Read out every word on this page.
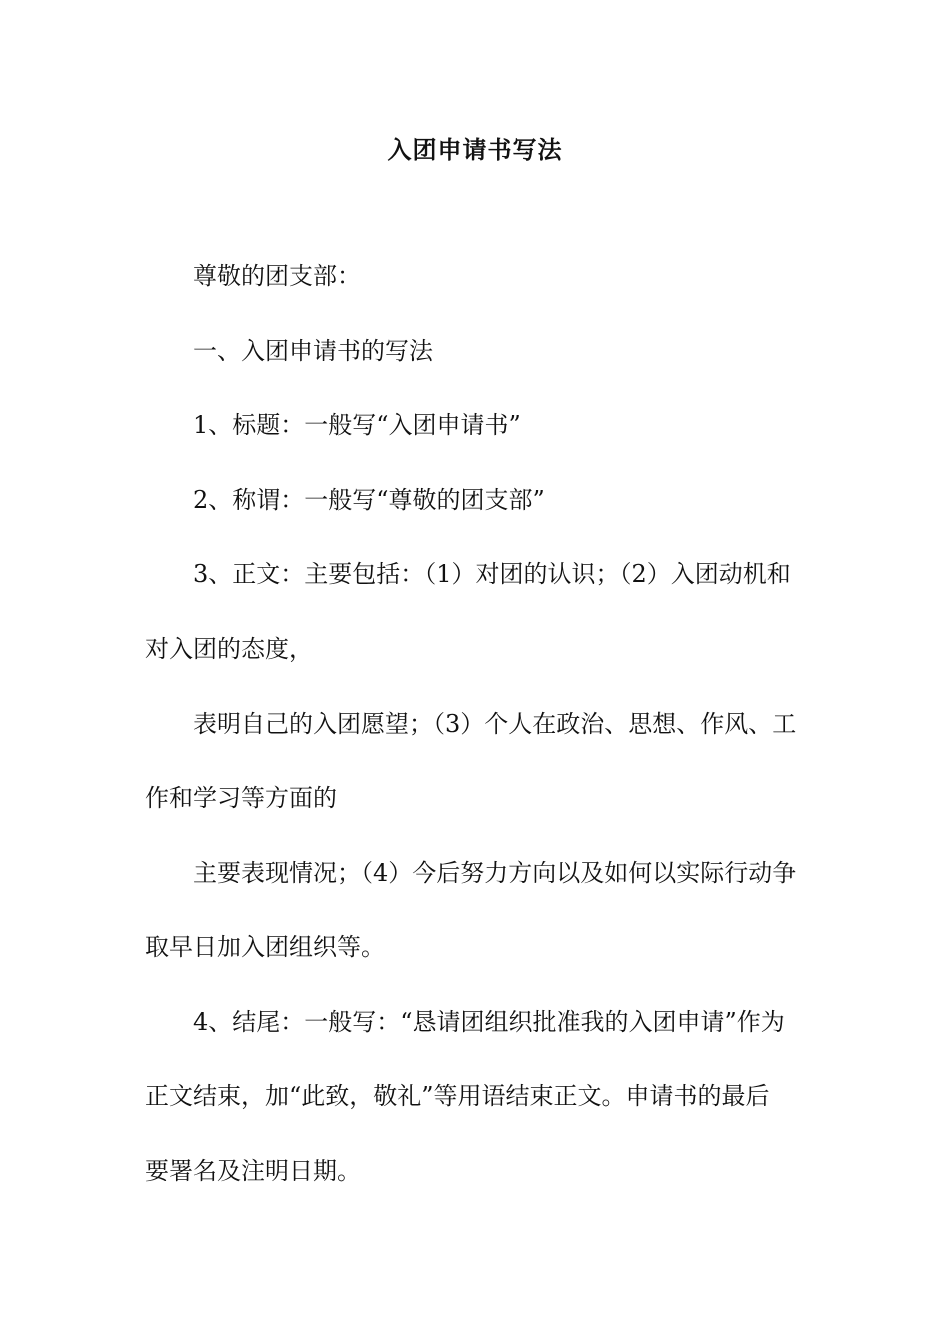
入团申请书写法
尊敬的团支部：
一、入团申请书的写法
1、标题：一般写“入团申请书”
2、称谓：一般写“尊敬的团支部”
3、正文：主要包括：（1）对团的认识；（2）入团动机和
对入团的态度，
表明自己的入团愿望；（3）个人在政治、思想、作风、工
作和学习等方面的
主要表现情况；（4）今后努力方向以及如何以实际行动争
取早日加入团组织等。
4、结尾：一般写：“恳请团组织批准我的入团申请”作为
正文结束，加“此致，敬礼”等用语结束正文。申请书的最后
要署名及注明日期。
